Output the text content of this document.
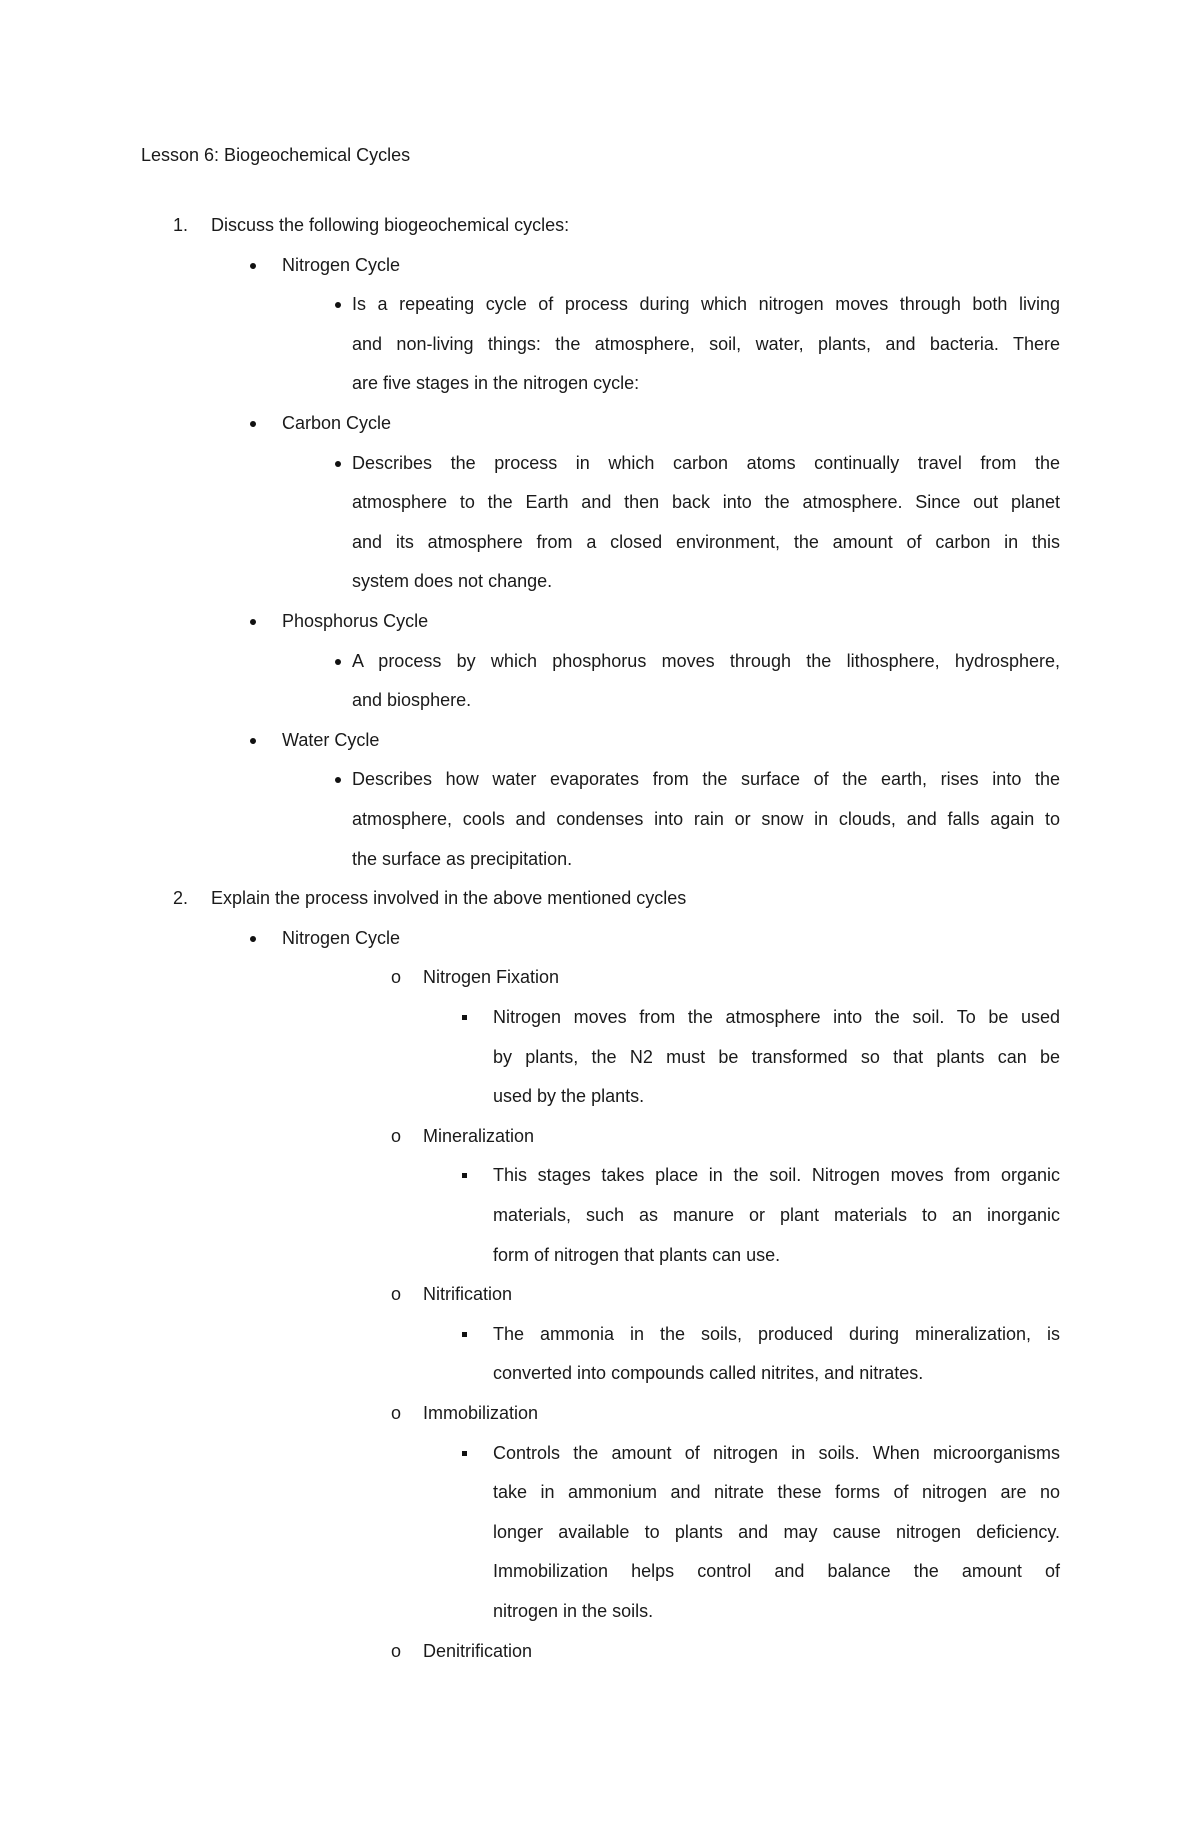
Lesson 6: Biogeochemical Cycles
1. Discuss the following biogeochemical cycles:
Nitrogen Cycle
Is a repeating cycle of process during which nitrogen moves through both living
and non-living things: the atmosphere, soil, water, plants, and bacteria. There
are five stages in the nitrogen cycle:
Carbon Cycle
Describes the process in which carbon atoms continually travel from the
atmosphere to the Earth and then back into the atmosphere. Since out planet
and its atmosphere from a closed environment, the amount of carbon in this
system does not change.
Phosphorus Cycle
A process by which phosphorus moves through the lithosphere, hydrosphere,
and biosphere.
Water Cycle
Describes how water evaporates from the surface of the earth, rises into the
atmosphere, cools and condenses into rain or snow in clouds, and falls again to
the surface as precipitation.
2. Explain the process involved in the above mentioned cycles
Nitrogen Cycle
o Nitrogen Fixation
Nitrogen moves from the atmosphere into the soil. To be used
by plants, the N2 must be transformed so that plants can be
used by the plants.
o Mineralization
This stages takes place in the soil. Nitrogen moves from organic
materials, such as manure or plant materials to an inorganic
form of nitrogen that plants can use.
o Nitrification
The ammonia in the soils, produced during mineralization, is
converted into compounds called nitrites, and nitrates.
o Immobilization
Controls the amount of nitrogen in soils. When microorganisms
take in ammonium and nitrate these forms of nitrogen are no
longer available to plants and may cause nitrogen deficiency.
Immobilization helps control and balance the amount of
nitrogen in the soils.
o Denitrification
